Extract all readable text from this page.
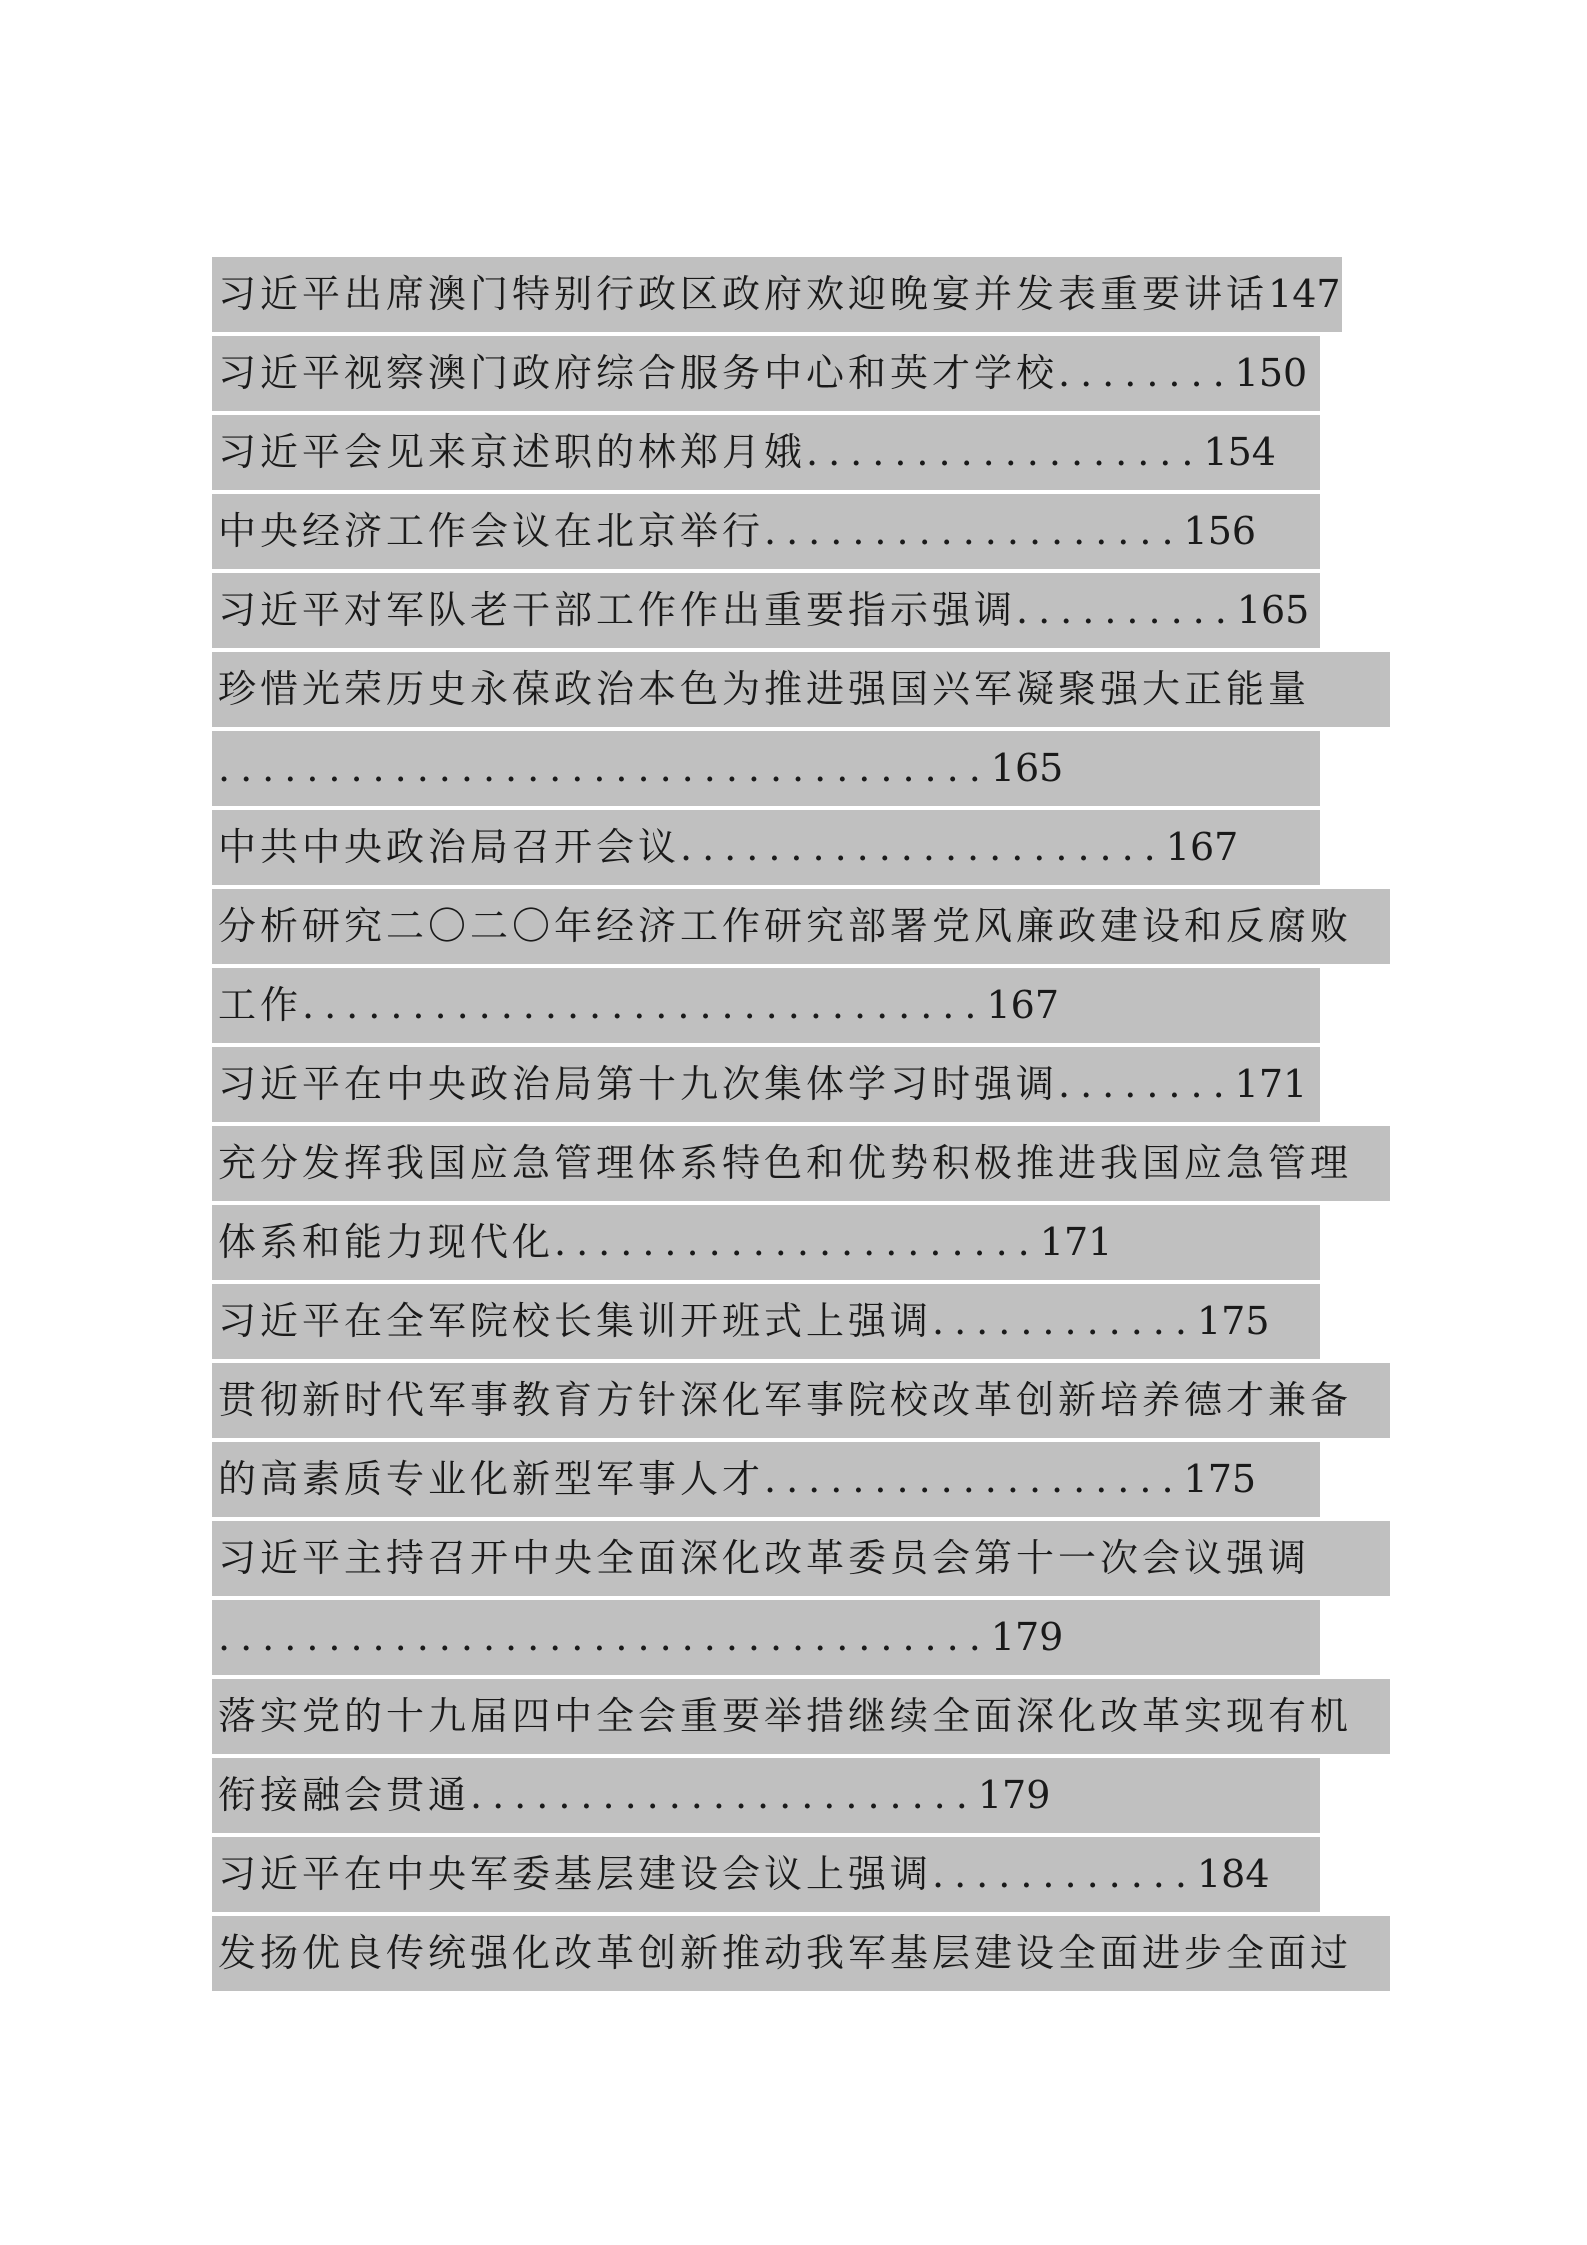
习近平出席澳门特别行政区政府欢迎晚宴并发表重要讲话147
习近平视察澳门政府综合服务中心和英才学校........150
习近平会见来京述职的林郑月娥..................154
中央经济工作会议在北京举行...................156
习近平对军队老干部工作作出重要指示强调..........165
珍惜光荣历史永葆政治本色为推进强国兴军凝聚强大正能量
...................................165
中共中央政治局召开会议......................167
分析研究二〇二〇年经济工作研究部署党风廉政建设和反腐败
工作...............................167
习近平在中央政治局第十九次集体学习时强调........171
充分发挥我国应急管理体系特色和优势积极推进我国应急管理
体系和能力现代化......................171
习近平在全军院校长集训开班式上强调............175
贯彻新时代军事教育方针深化军事院校改革创新培养德才兼备
的高素质专业化新型军事人才...................175
习近平主持召开中央全面深化改革委员会第十一次会议强调
...................................179
落实党的十九届四中全会重要举措继续全面深化改革实现有机
衔接融会贯通.......................179
习近平在中央军委基层建设会议上强调............184
发扬优良传统强化改革创新推动我军基层建设全面进步全面过
